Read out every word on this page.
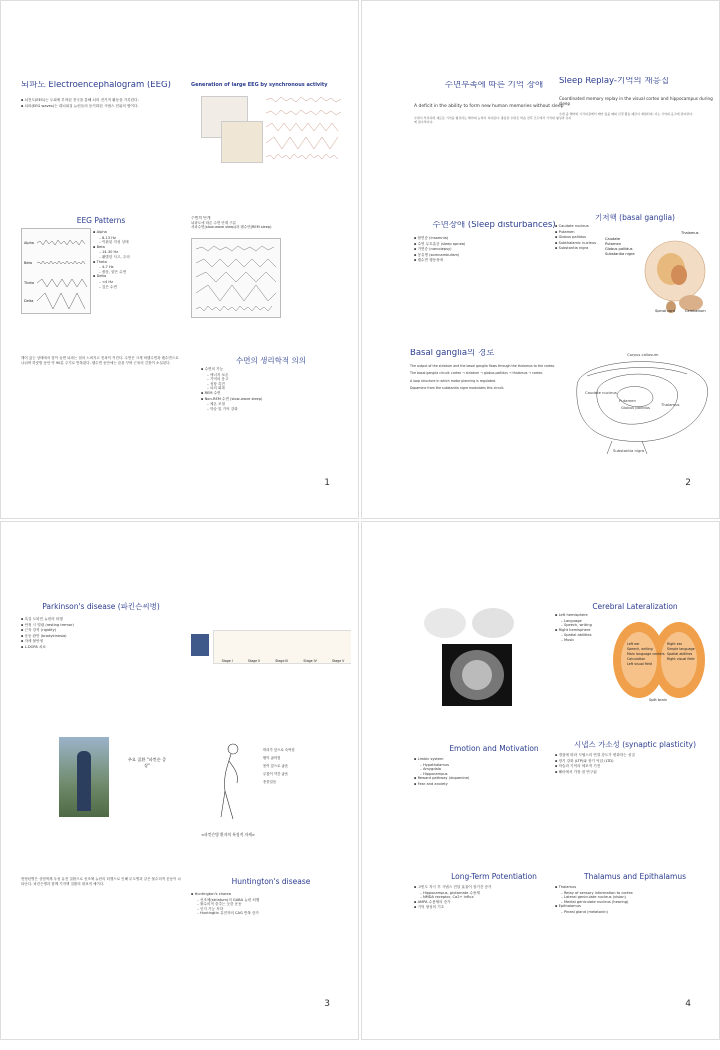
뇌파도 Electroencephalogram (EEG)
▪ 뇌전도(EEG)는 두피에 부착된 전극을 통해 뇌의 전기적 활동을 기록한다.
▪ 뇌파(EEG waves)는 대뇌피질 뉴런들의 동기화된 시냅스 전위의 합이다.
Generation of large EEG by synchronous activity
EEG Patterns
Alpha
Beta
Theta
Delta
▪ Alpha
– 8-13 Hz
– 이완된 각성 상태
▪ Beta
– 14-30 Hz
– 활발한 사고, 주의
▪ Theta
– 4-7 Hz
– 졸음, 얕은 수면
▪ Delta
– <4 Hz
– 깊은 수면
수면의 단계
뇌파도에 따른 수면 단계 구분
서파수면(slow-wave sleep)과 렘수면(REM sleep)
깨어 있는 상태에서 잠이 들면 뇌파는 점차 느려지고 진폭이 커진다. 수면은 크게 비렘수면과 렘수면으로 나뉘며 하룻밤 동안 약 90분 주기로 반복된다. 렘수면 동안에는 꿈을 꾸며 근육의 긴장이 소실된다.	수면의 생리학적 의의
▪ 수면의 기능
– 에너지 보존
– 기억의 응고
– 성장 촉진
– 뇌의 회복
▪ REM 수면
▪ Non-REM 수면 (slow-wave sleep)
– 체온 조절
– 학습 및 기억 강화
1
수면부족에 따른 기억 장애
A deficit in the ability to form new human memories without sleep
수면이 부족하면 새로운 기억을 형성하는 해마의 능력이 저하된다. 충분한 수면은 학습 전후 모두에서 기억의 형성과 유지에 필수적이다.
Sleep Replay-기억의 재응집
Coordinated memory replay in the visual cortex and hippocampus during sleep
수면 중 해마와 시각피질에서 깨어 있을 때의 신경 활동 패턴이 재현되며, 이는 기억의 응고에 관여한다.
수면장애 (Sleep disturbances)
▪ 불면증 (insomnia)
▪ 수면 무호흡증 (sleep apnea)
▪ 기면증 (narcolepsy)
▪ 몽유병 (somnambulism)
▪ 렘수면 행동장애
기저핵 (basal ganglia)
▪ Caudate nucleus
▪ Putamen
▪ Globus pallidus
▪ Subthalamic nucleus
▪ Substantia nigra
Caudate
Putamen
Globus pallidus
Substantia nigra
Thalamus
Cerebellum
Spinal cord
Basal ganglia의 경로
The output of the striatum and the basal ganglia flows through the thalamus to the cortex.
The basal ganglia circuit: cortex → striatum → globus pallidus → thalamus → cortex.
A loop structure in which motor planning is regulated.
Dopamine from the substantia nigra modulates this circuit.
Corpus callosum
Caudate nucleus
Putamen
Globus pallidus
Thalamus
Substantia nigra
2
Parkinson's disease (파킨슨씨병)
▪ 흑질 도파민 뉴런의 퇴행
▪ 안정 시 떨림 (resting tremor)
▪ 근육 강직 (rigidity)
▪ 운동 완만 (bradykinesia)
▪ 자세 불안정
▪ L-DOPA 치료
Stage I	Stage II	Stage III	Stage IV	Stage V
주요 질환 "파킨슨 증상"
머리가 앞으로 숙여짐
팔이 굽어짐
몸이 앞으로 굽음
무릎이 약간 굽음
종종걸음
<파킨슨병 환자의 특징적 자세>
헌팅턴병은 상염색체 우성 유전 질환으로 선조체 뉴런의 퇴행으로 인해 무도병과 같은 불수의적 운동이 나타난다. 파킨슨병과 함께 기저핵 질환의 대표적 예이다.	Huntington's disease
▪ Huntington's chorea
– 선조체(striatum)의 GABA 뉴런 퇴행
– 불수의적 춤추는 듯한 운동
– 인지 기능 저하
– Huntingtin 유전자의 CAG 반복 증가
3
Cerebral Lateralization
▪ Left hemisphere
– Language
– Speech, writing
▪ Right hemisphere
– Spatial abilities
– Music
Left ear
Speech, writing
Main language centers
Calculation
Left visual field
Right ear
Simple language
Spatial abilities
Right visual field
Split brain
Emotion and Motivation
▪ Limbic system
– Hypothalamus
– Amygdala
– Hippocampus
▪ Reward pathway (dopamine)
▪ Fear and anxiety
시냅스 가소성 (synaptic plasticity)
▪ 경험에 따라 시냅스의 연결 강도가 변화하는 성질
▪ 장기 강화 (LTP)와 장기 억압 (LTD)
▪ 학습과 기억의 세포적 기전
▪ 해마에서 가장 잘 연구됨
Long-Term Potentiation
▪ 고빈도 자극 후 시냅스 전달 효율이 장기간 증가
– Hippocampus, glutamate 수용체
– NMDA receptor, Ca2+ influx
▪ AMPA 수용체의 증가
▪ 기억 형성의 기초
Thalamus and Epithalamus
▪ Thalamus
– Relay of sensory information to cortex
– Lateral geniculate nucleus (vision)
– Medial geniculate nucleus (hearing)
▪ Epithalamus
– Pineal gland (melatonin)
4
